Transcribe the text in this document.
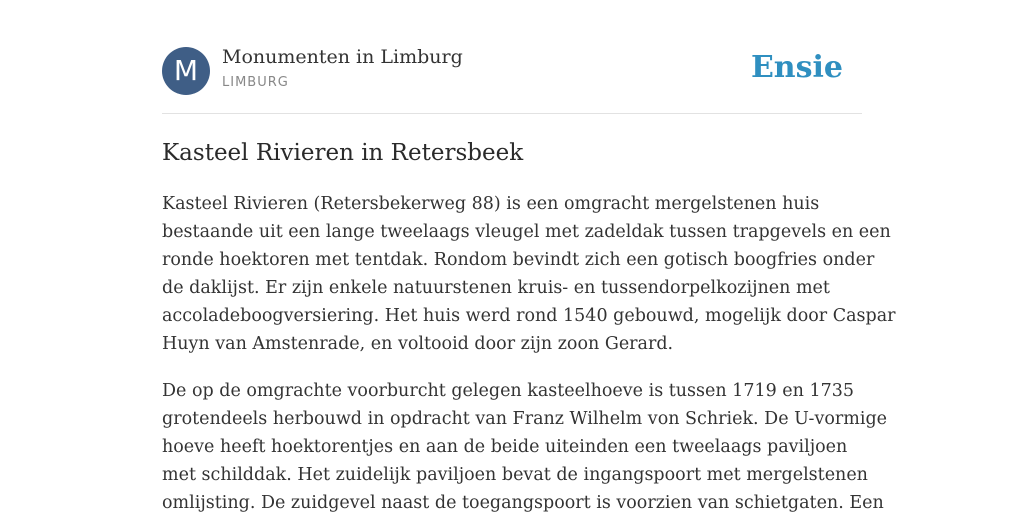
M	Monumenten in Limburg
LIMBURG	Ensie
Kasteel Rivieren in Retersbeek

Kasteel Rivieren (Retersbekerweg 88) is een omgracht mergelstenen huis
bestaande uit een lange tweelaags vleugel met zadeldak tussen trapgevels en een
ronde hoektoren met tentdak. Rondom bevindt zich een gotisch boogfries onder
de daklijst. Er zijn enkele natuurstenen kruis- en tussendorpelkozijnen met
accoladeboogversiering. Het huis werd rond 1540 gebouwd, mogelijk door Caspar
Huyn van Amstenrade, en voltooid door zijn zoon Gerard.

De op de omgrachte voorburcht gelegen kasteelhoeve is tussen 1719 en 1735
grotendeels herbouwd in opdracht van Franz Wilhelm von Schriek. De U-vormige
hoeve heeft hoektorentjes en aan de beide uiteinden een tweelaags paviljoen
met schilddak. Het zuidelijk paviljoen bevat de ingangspoort met mergelstenen
omlijsting. De zuidgevel naast de toegangspoort is voorzien van schietgaten. Een
